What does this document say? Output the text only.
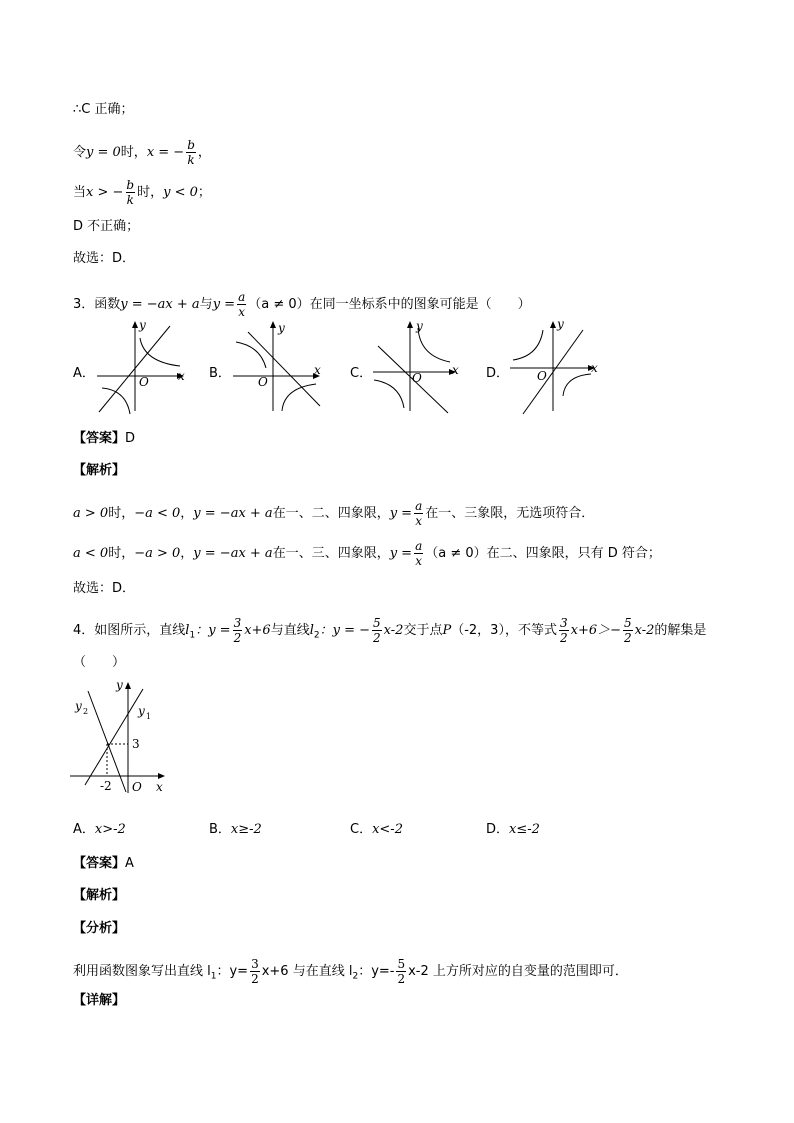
∴C 正确；
令y = 0时，x = − $\frac{b}{k}$ ，
当x > − $\frac{b}{k}$ 时，y < 0；
D 不正确；
故选：D．
3．函数y = −ax + a与$y = \frac{a}{x} (a \ne 0)$在同一坐标系中的图象可能是（　　）
A．
y
x
O
B．
y
x
O
C．
y
x
O	D．
y
x
O
【答案】D
【解析】
a > 0时，−a < 0，y = −ax + a在一、二、四象限，$y = \frac{a}{x}$ 在一、三象限，无选项符合．
a < 0时，−a > 0，y = −ax + a在一、三、四象限，$y = \frac{a}{x} (a \ne 0)$在二、四象限，只有 D 符合；
故选：D．
4．如图所示，直线$l_1$：$y = \frac{3}{2} x+6$与直线$l_2$：y = − $\frac{5}{2} x-2$交于点P（-2，3），不等式 $\frac{3}{2} x+6>- \frac{5}{2} x-2$的解集是
（　　）
y
x
O
y 1
y 2
3
-2
A．x>-2	B．x≥-2	C．x<-2	D．x≤-2
【答案】A
【解析】
【分析】
利用函数图象写出直线 $l_1$：$y= \frac{3}{2} x+6$ 与在直线 $l_2$：$y=- \frac{5}{2} x-2$ 上方所对应的自变量的范围即可．
【详解】
